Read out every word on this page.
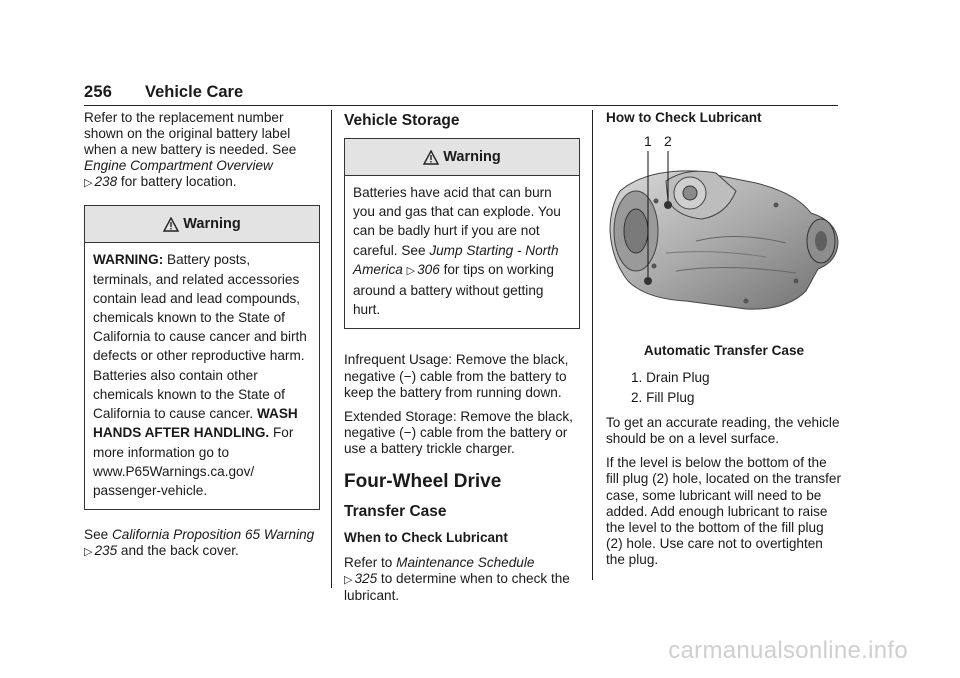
256 Vehicle Care

Refer to the replacement number shown on the original battery label when a new battery is needed. See Engine Compartment Overview
▷ 238 for battery location.

Warning
WARNING: Battery posts, terminals, and related accessories contain lead and lead compounds, chemicals known to the State of California to cause cancer and birth defects or other reproductive harm. Batteries also contain other chemicals known to the State of California to cause cancer. WASH HANDS AFTER HANDLING. For more information go to www.P65Warnings.ca.gov/ passenger-vehicle.

See California Proposition 65 Warning ▷ 235 and the back cover.

Vehicle Storage
Warning
Batteries have acid that can burn you and gas that can explode. You can be badly hurt if you are not careful. See Jump Starting - North America ▷ 306 for tips on working around a battery without getting hurt.

Infrequent Usage: Remove the black, negative (−) cable from the battery to keep the battery from running down.

Extended Storage: Remove the black, negative (−) cable from the battery or use a battery trickle charger.

Four-Wheel Drive
Transfer Case
When to Check Lubricant

Refer to Maintenance Schedule
▷ 325 to determine when to check the lubricant.

How to Check Lubricant
1 2
Automatic Transfer Case
1. Drain Plug
2. Fill Plug

To get an accurate reading, the vehicle should be on a level surface.

If the level is below the bottom of the fill plug (2) hole, located on the transfer case, some lubricant will need to be added. Add enough lubricant to raise the level to the bottom of the fill plug (2) hole. Use care not to overtighten the plug.

carmanualsonline.info
